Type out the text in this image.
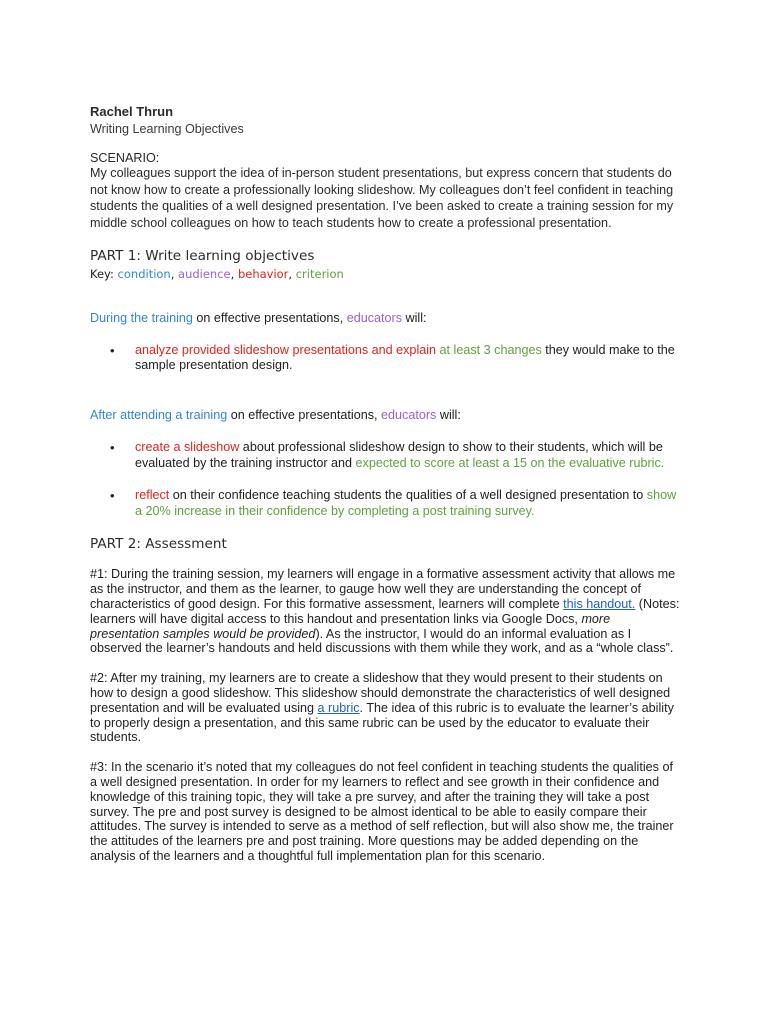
Rachel Thrun

Writing Learning Objectives

SCENARIO:

My colleagues support the idea of in-person student presentations, but express concern that students do not know how to create a professionally looking slideshow. My colleagues don’t feel confident in teaching students the qualities of a well designed presentation. I’ve been asked to create a training session for my middle school colleagues on how to teach students how to create a professional presentation.

PART 1: Write learning objectives

Key: condition, audience, behavior, criterion

During the training on effective presentations, educators will:

• analyze provided slideshow presentations and explain at least 3 changes they would make to the sample presentation design.

After attending a training on effective presentations, educators will:

• create a slideshow about professional slideshow design to show to their students, which will be evaluated by the training instructor and expected to score at least a 15 on the evaluative rubric.
• reflect on their confidence teaching students the qualities of a well designed presentation to show a 20% increase in their confidence by completing a post training survey.
PART 2: Assessment

#1: During the training session, my learners will engage in a formative assessment activity that allows me as the instructor, and them as the learner, to gauge how well they are understanding the concept of characteristics of good design. For this formative assessment, learners will complete this handout. (Notes: learners will have digital access to this handout and presentation links via Google Docs, more presentation samples would be provided). As the instructor, I would do an informal evaluation as I observed the learner’s handouts and held discussions with them while they work, and as a “whole class”.

#2: After my training, my learners are to create a slideshow that they would present to their students on how to design a good slideshow. This slideshow should demonstrate the characteristics of well designed presentation and will be evaluated using a rubric. The idea of this rubric is to evaluate the learner’s ability to properly design a presentation, and this same rubric can be used by the educator to evaluate their students.

#3: In the scenario it’s noted that my colleagues do not feel confident in teaching students the qualities of a well designed presentation. In order for my learners to reflect and see growth in their confidence and knowledge of this training topic, they will take a pre survey, and after the training they will take a post survey. The pre and post survey is designed to be almost identical to be able to easily compare their attitudes. The survey is intended to serve as a method of self reflection, but will also show me, the trainer the attitudes of the learners pre and post training. More questions may be added depending on the analysis of the learners and a thoughtful full implementation plan for this scenario.
